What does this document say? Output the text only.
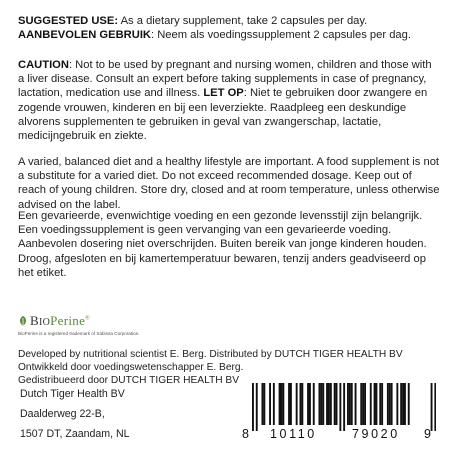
SUGGESTED USE: As a dietary supplement, take 2 capsules per day.
AANBEVOLEN GEBRUIK: Neem als voedingssupplement 2 capsules per dag.
CAUTION: Not to be used by pregnant and nursing women, children and those with a liver disease. Consult an expert before taking supplements in case of pregnancy, lactation, medication use and illness. LET OP: Niet te gebruiken door zwangere en zogende vrouwen, kinderen en bij een leverziekte. Raadpleeg een deskundige alvorens supplementen te gebruiken in geval van zwangerschap, lactatie, medicijngebruik en ziekte.
A varied, balanced diet and a healthy lifestyle are important. A food supplement is not a substitute for a varied diet. Do not exceed recommended dosage. Keep out of reach of young children. Store dry, closed and at room temperature, unless otherwise advised on the label.
Een gevarieerde, evenwichtige voeding en een gezonde levensstijl zijn belangrijk. Een voedingssupplement is geen vervanging van een gevarieerde voeding. Aanbevolen dosering niet overschrijden. Buiten bereik van jonge kinderen houden. Droog, afgesloten en bij kamertemperatuur bewaren, tenzij anders geadviseerd op het etiket.
BIOPerine®
BioPerine is a registered trademark of Sabinsa Corporation.
Developed by nutritional scientist E. Berg. Distributed by DUTCH TIGER HEALTH BV
Ontwikkeld door voedingswetenschapper E. Berg.
Gedistribueerd door DUTCH TIGER HEALTH BV
Dutch Tiger Health BV
Daalderweg 22-B,
1507 DT, Zaandam, NL	8 10110	79020 9
